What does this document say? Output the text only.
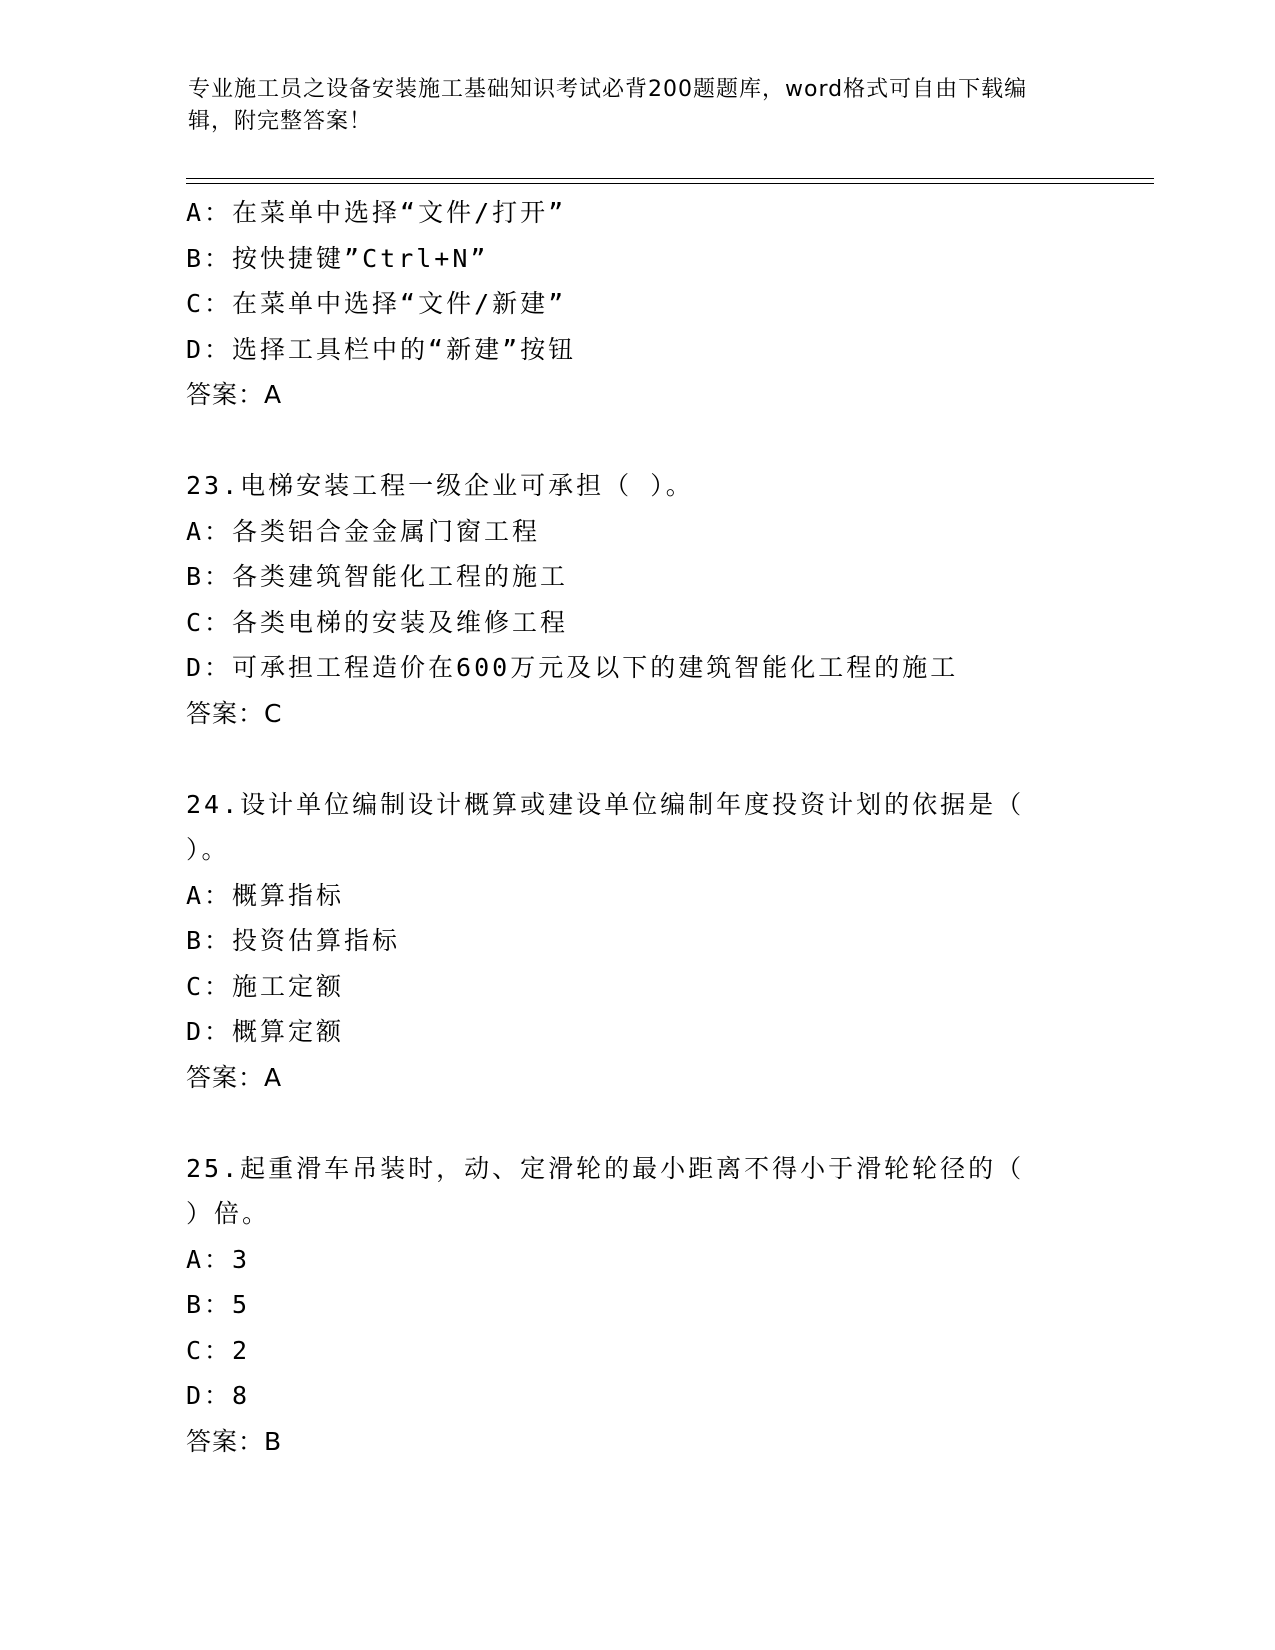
专业施工员之设备安装施工基础知识考试必背200题题库，word格式可自由下载编辑，附完整答案！
A：在菜单中选择“文件/打开”
B：按快捷键”Ctrl+N”
C：在菜单中选择“文件/新建”
D：选择工具栏中的“新建”按钮
答案：A
23.电梯安装工程一级企业可承担（ ）。
A：各类铝合金金属门窗工程
B：各类建筑智能化工程的施工
C：各类电梯的安装及维修工程
D：可承担工程造价在600万元及以下的建筑智能化工程的施工
答案：C
24.设计单位编制设计概算或建设单位编制年度投资计划的依据是（
）。
A：概算指标
B：投资估算指标
C：施工定额
D：概算定额
答案：A
25.起重滑车吊装时，动、定滑轮的最小距离不得小于滑轮轮径的（
）倍。
A：3
B：5
C：2
D：8
答案：B
